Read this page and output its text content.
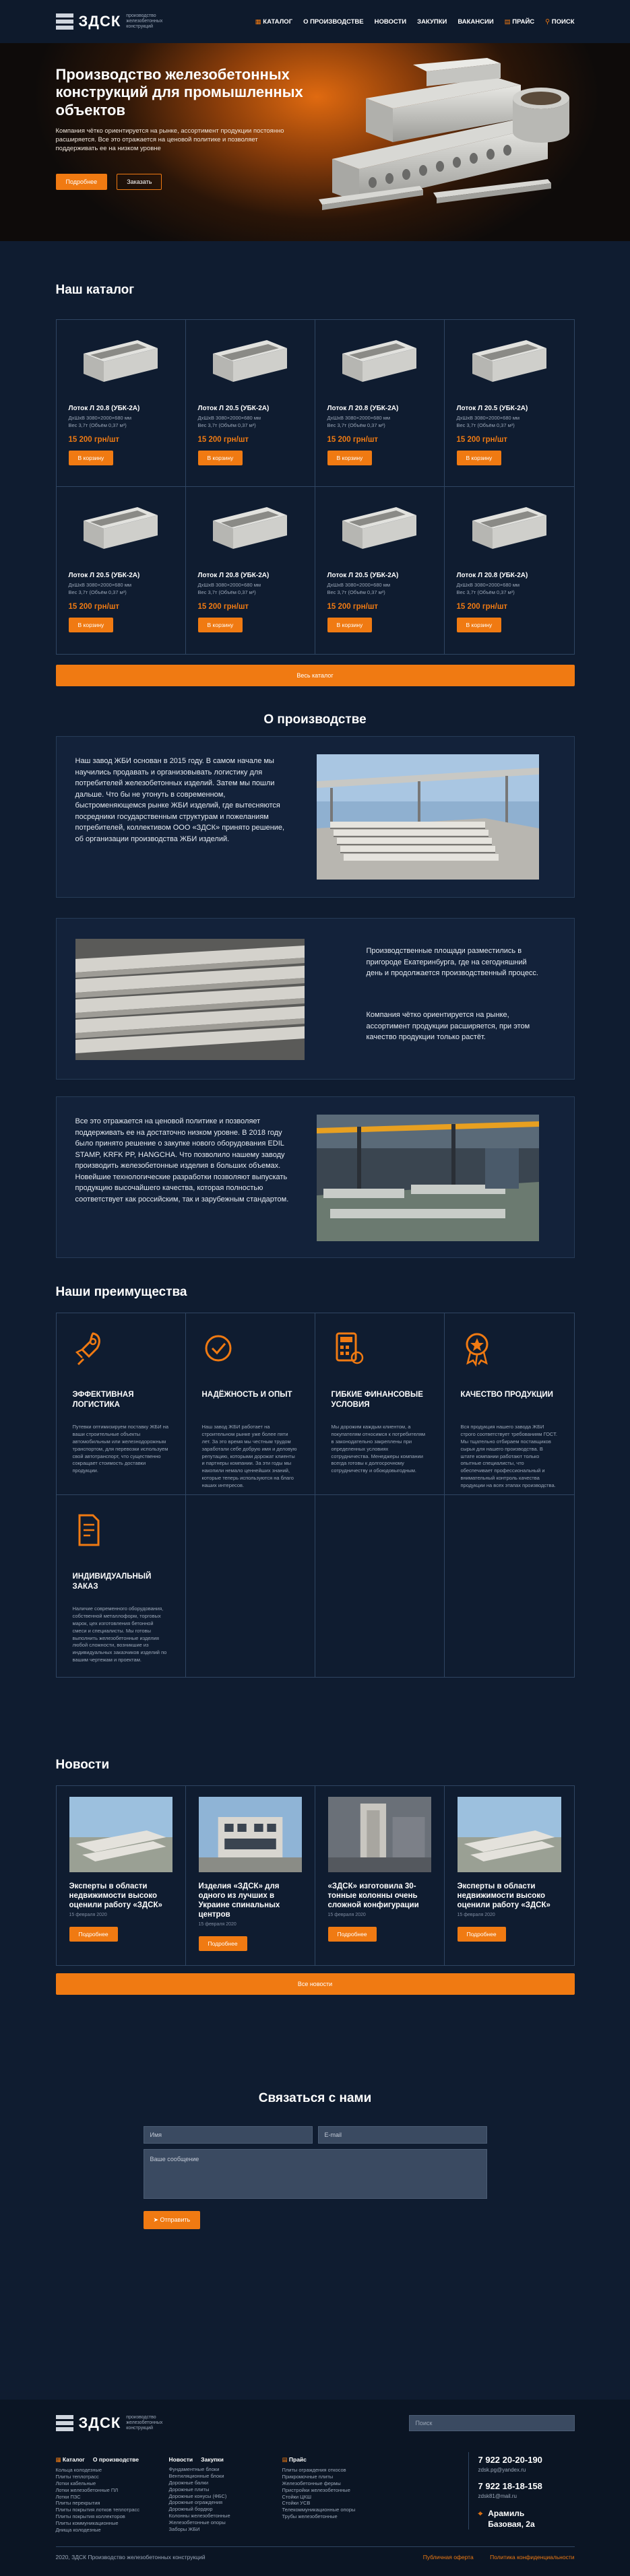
ЗДСК производство железобетонных конструкций
▦ КАТАЛОГ О ПРОИЗВОДСТВЕ НОВОСТИ ЗАКУПКИ ВАКАНСИИ ▤ ПРАЙС ⚲ ПОИСК
Производство железобетонных конструкций для промышленных объектов

Компания чётко ориентируется на рынке, ассортимент продукции постоянно расширяется. Все это отражается на ценовой политике и позволяет поддерживать ее на низком уровне

Подробнее	Заказать
Наш каталог
Лоток Л 20.8 (УБК-2А)
ДхШхВ 3080×2000×680 мм
Вес 3,7т (Объём 0,37 м³)
15 200 грн/шт
В корзину
Лоток Л 20.5 (УБК-2А)
ДхШхВ 3080×2000×680 мм
Вес 3,7т (Объём 0,37 м³)
15 200 грн/шт
В корзину
Лоток Л 20.8 (УБК-2А)
ДхШхВ 3080×2000×680 мм
Вес 3,7т (Объём 0,37 м³)
15 200 грн/шт
В корзину
Лоток Л 20.5 (УБК-2А)
ДхШхВ 3080×2000×680 мм
Вес 3,7т (Объём 0,37 м³)
15 200 грн/шт
В корзину
Лоток Л 20.5 (УБК-2А)
ДхШхВ 3080×2000×680 мм
Вес 3,7т (Объём 0,37 м³)
15 200 грн/шт
В корзину
Лоток Л 20.8 (УБК-2А)
ДхШхВ 3080×2000×680 мм
Вес 3,7т (Объём 0,37 м³)
15 200 грн/шт
В корзину
Лоток Л 20.5 (УБК-2А)
ДхШхВ 3080×2000×680 мм
Вес 3,7т (Объём 0,37 м³)
15 200 грн/шт
В корзину
Лоток Л 20.8 (УБК-2А)
ДхШхВ 3080×2000×680 мм
Вес 3,7т (Объём 0,37 м³)
15 200 грн/шт
В корзину
Весь каталог
О производстве
Наш завод ЖБИ основан в 2015 году. В самом начале мы научились продавать и организовывать логистику для потребителей железобетонных изделий. Затем мы пошли дальше. Что бы не утонуть в современном, быстроменяющемся рынке ЖБИ изделий, где вытесняются посредники государственным структурам и пожеланиям потребителей, коллективом ООО «ЗДСК» принято решение, об организации производства ЖБИ изделий.
Производственные площади разместились в пригороде Екатеринбурга, где на сегодняшний день и продолжается производственный процесс.
Компания чётко ориентируется на рынке, ассортимент продукции расширяется, при этом качество продукции только растёт.
Все это отражается на ценовой политике и позволяет поддерживать ее на достаточно низком уровне. В 2018 году было принято решение о закупке нового оборудования EDIL STAMP, KRFK PP, HANGCHA. Что позволило нашему заводу производить железобетонные изделия в больших объемах. Новейшие технологические разработки позволяют выпускать продукцию высочайшего качества, которая полностью соответствует как российским, так и зарубежным стандартом.
Наши преимущества
ЭФФЕКТИВНАЯ ЛОГИСТИКА
Путевки оптимизируем поставку ЖБИ на ваши строительные объекты автомобильным или железнодорожным транспортом, для перевозки используем свой автотранспорт, что существенно сокращает стоимость доставки продукции.
НАДЁЖНОСТЬ И ОПЫТ
Наш завод ЖБИ работает на строительном рынке уже более пяти лет. За это время мы честным трудом заработали себе добрую имя и деловую репутацию, которыми дорожат клиенты и партнеры компании. За эти годы мы накопили немало ценнейших знаний, которые теперь используются на благо наших интересов.
ГИБКИЕ ФИНАНСОВЫЕ УСЛОВИЯ
Мы дорожим каждым клиентом, а покупателям относимся к потребителям в законодательно закреплены при определенных условиях сотрудничества. Менеджеры компании всегда готовы к долгосрочному сотрудничеству и обоюдовыгодным.
КАЧЕСТВО ПРОДУКЦИИ
Вся продукция нашего завода ЖБИ строго соответствует требованиям ГОСТ. Мы тщательно отбираем поставщиков сырья для нашего производства. В штате компании работают только опытные специалисты, что обеспечивает профессиональный и внимательный контроль качества продукции на всех этапах производства.
ИНДИВИДУАЛЬНЫЙ ЗАКАЗ
Наличие современного оборудования, собственной металлоформ, торговых марок, цех изготовления бетонной смеси и специалисты. Мы готовы выполнить железобетонные изделия любой сложности, возникшие из индивидуальных заказчиков изделий по вашим чертежам и проектам.
Новости
Эксперты в области недвижимости высоко оценили работу «ЗДСК»
15 февраля 2020
Подробнее
Изделия «ЗДСК» для одного из лучших в Украине спинальных центров
15 февраля 2020
Подробнее
«ЗДСК» изготовила 30-тонные колонны очень сложной конфигурации
15 февраля 2020
Подробнее
Эксперты в области недвижимости высоко оценили работу «ЗДСК»
15 февраля 2020
Подробнее
Все новости
Связаться с нами
Имя	E-mail
Ваше сообщение
➤ Отправить
ЗДСК производство железобетонных конструкций
Поиск
▦ Каталог О производстве
Кольца колодезные
Плиты теплотрасс
Лотки кабельные
Лотки железобетонные ПЛ
Лотки ПЗС
Плиты перекрытия
Плиты покрытия лотков теплотрасс
Плиты покрытия коллекторов
Плиты коммуникационные
Днища колодезные
Новости Закупки
Фундаментные блоки
Вентиляционные блоки
Дорожные балки
Дорожные плиты
Дорожные конусы (ФБС)
Дорожные ограждения
Дорожный бордюр
Колонны железобетонные
Железобетонные опоры
Заборы ЖБИ
▤ Прайс
Плиты ограждения откосов
Прикромочные плиты
Железобетонные фермы
Пристройки железобетонные
Стойки ЦКШ
Стойки УСВ
Телекоммуникационные опоры
Трубы железобетонные
7 922 20-20-190
zdsk.pg@yandex.ru
7 922 18-18-158
zdsk81@mail.ru
⌖ Арамиль
Базовая, 2а
2020, ЗДСК Производство железобетонных конструкций	Публичная оферта	Политика конфиденциальности
